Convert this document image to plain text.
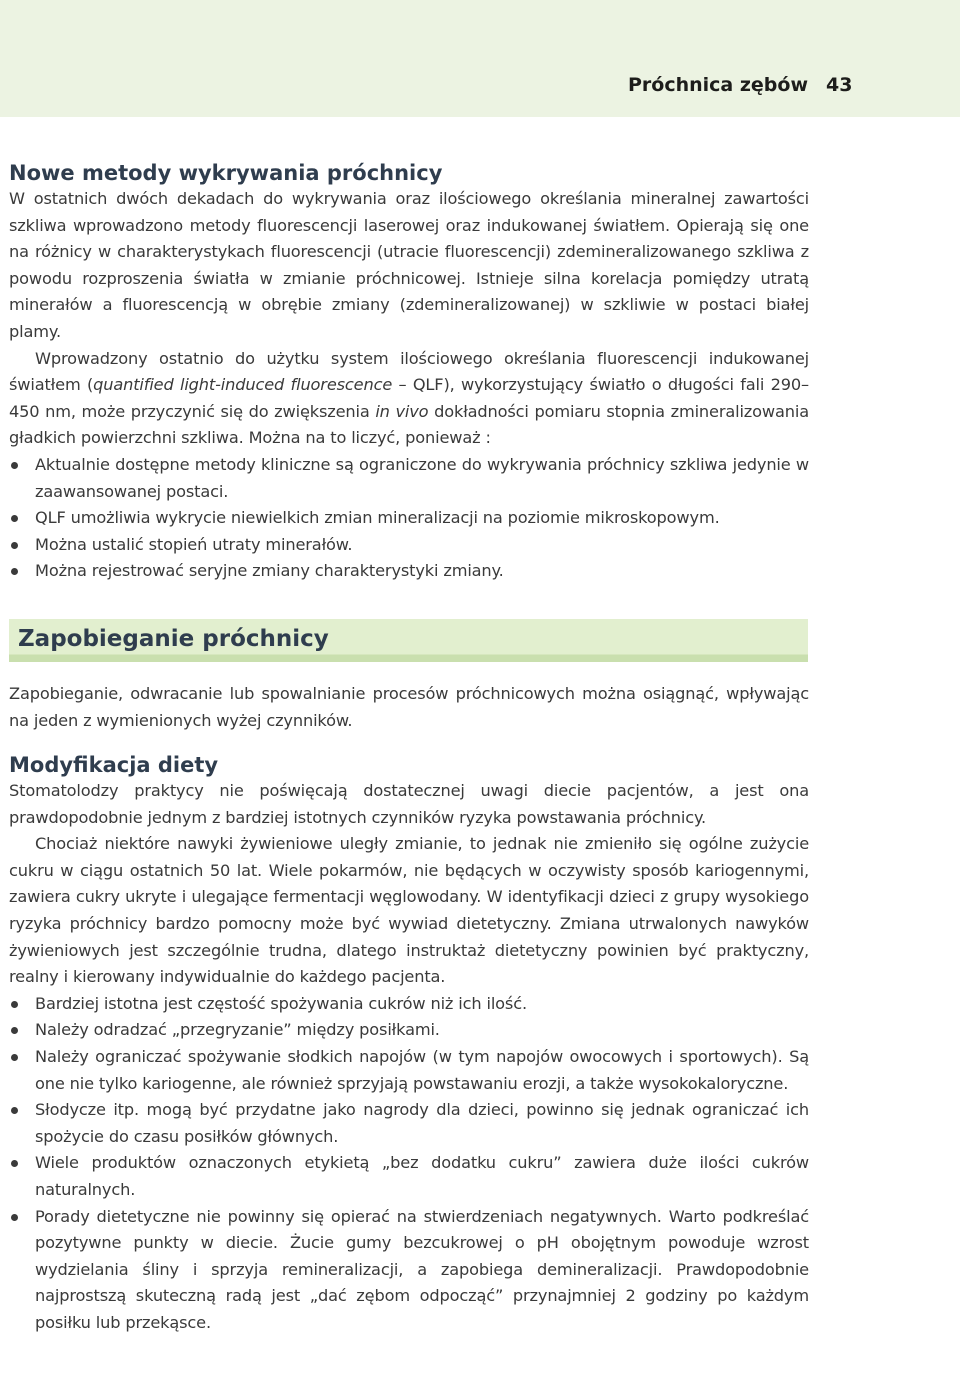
Próchnica zębów 43
Nowe metody wykrywania próchnicy

W ostatnich dwóch dekadach do wykrywania oraz ilościowego określania mineralnej zawartości szkliwa wprowadzono metody fluorescencji laserowej oraz indukowanej światłem. Opierają się one na różnicy w charakterystykach fluorescencji (utracie fluorescencji) zdemineralizowanego szkliwa z powodu rozproszenia światła w zmianie próchnicowej. Istnieje silna korelacja pomiędzy utratą minerałów a fluorescencją w obrębie zmiany (zdemineralizowanej) w szkliwie w postaci białej plamy.

Wprowadzony ostatnio do użytku system ilościowego określania fluorescencji indukowanej światłem (quantified light-induced fluorescence – QLF), wykorzystujący światło o długości fali 290–450 nm, może przyczynić się do zwiększenia in vivo dokładności pomiaru stopnia zmineralizowania gładkich powierzchni szkliwa. Można na to liczyć, ponieważ :

Aktualnie dostępne metody kliniczne są ograniczone do wykrywania próchnicy szkliwa jedynie w zaawansowanej postaci.
QLF umożliwia wykrycie niewielkich zmian mineralizacji na poziomie mikroskopowym.
Można ustalić stopień utraty minerałów.
Można rejestrować seryjne zmiany charakterystyki zmiany.
Zapobieganie próchnicy

Zapobieganie, odwracanie lub spowalnianie procesów próchnicowych można osiągnąć, wpływając na jeden z wymienionych wyżej czynników.

Modyfikacja diety

Stomatolodzy praktycy nie poświęcają dostatecznej uwagi diecie pacjentów, a jest ona prawdopodobnie jednym z bardziej istotnych czynników ryzyka powstawania próchnicy.

Chociaż niektóre nawyki żywieniowe uległy zmianie, to jednak nie zmieniło się ogólne zużycie cukru w ciągu ostatnich 50 lat. Wiele pokarmów, nie będących w oczywisty sposób kariogennymi, zawiera cukry ukryte i ulegające fermentacji węglowodany. W identyfikacji dzieci z grupy wysokiego ryzyka próchnicy bardzo pomocny może być wywiad dietetyczny. Zmiana utrwalonych nawyków żywieniowych jest szczególnie trudna, dlatego instruktaż dietetyczny powinien być praktyczny, realny i kierowany indywidualnie do każdego pacjenta.

Bardziej istotna jest częstość spożywania cukrów niż ich ilość.
Należy odradzać „przegryzanie” między posiłkami.
Należy ograniczać spożywanie słodkich napojów (w tym napojów owocowych i sportowych). Są one nie tylko kariogenne, ale również sprzyjają powstawaniu erozji, a także wysokokaloryczne.
Słodycze itp. mogą być przydatne jako nagrody dla dzieci, powinno się jednak ograniczać ich spożycie do czasu posiłków głównych.
Wiele produktów oznaczonych etykietą „bez dodatku cukru” zawiera duże ilości cukrów naturalnych.
Porady dietetyczne nie powinny się opierać na stwierdzeniach negatywnych. Warto podkreślać pozytywne punkty w diecie. Żucie gumy bezcukrowej o pH obojętnym powoduje wzrost wydzielania śliny i sprzyja remineralizacji, a zapobiega demineralizacji. Prawdopodobnie najprostszą skuteczną radą jest „dać zębom odpocząć” przynajmniej 2 godziny po każdym posiłku lub przekąsce.
